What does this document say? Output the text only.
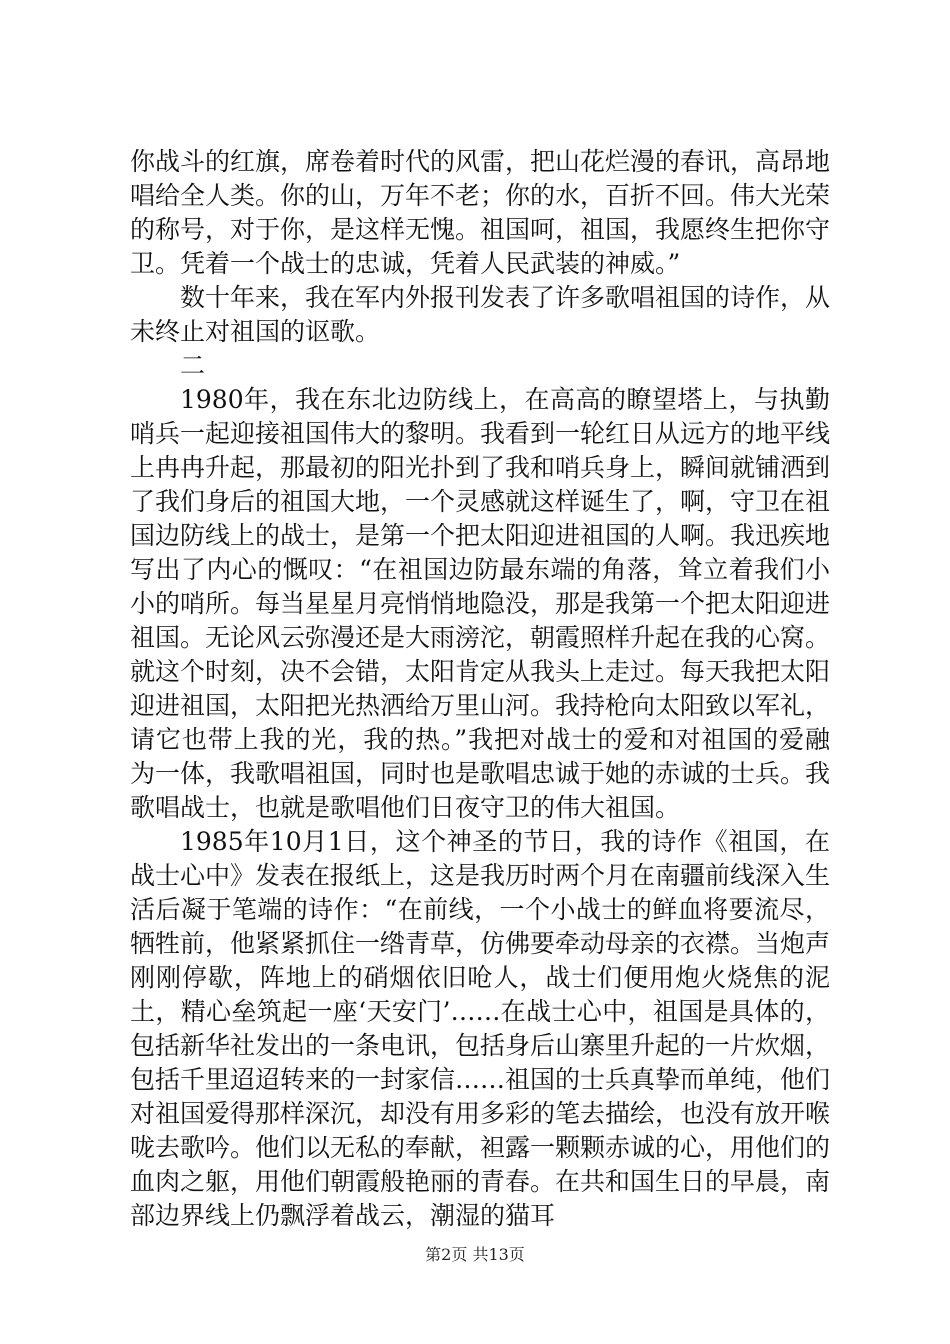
你战斗的红旗，席卷着时代的风雷，把山花烂漫的春讯，高昂地唱给全人类。你的山，万年不老；你的水，百折不回。伟大光荣的称号，对于你，是这样无愧。祖国呵，祖国，我愿终生把你守卫。凭着一个战士的忠诚，凭着人民武装的神威。”

数十年来，我在军内外报刊发表了许多歌唱祖国的诗作，从未终止对祖国的讴歌。

二

1980年，我在东北边防线上，在高高的瞭望塔上，与执勤哨兵一起迎接祖国伟大的黎明。我看到一轮红日从远方的地平线上冉冉升起，那最初的阳光扑到了我和哨兵身上，瞬间就铺洒到了我们身后的祖国大地，一个灵感就这样诞生了，啊，守卫在祖国边防线上的战士，是第一个把太阳迎进祖国的人啊。我迅疾地写出了内心的慨叹：“在祖国边防最东端的角落，耸立着我们小小的哨所。每当星星月亮悄悄地隐没，那是我第一个把太阳迎进祖国。无论风云弥漫还是大雨滂沱，朝霞照样升起在我的心窝。就这个时刻，决不会错，太阳肯定从我头上走过。每天我把太阳迎进祖国，太阳把光热洒给万里山河。我持枪向太阳致以军礼，请它也带上我的光，我的热。”我把对战士的爱和对祖国的爱融为一体，我歌唱祖国，同时也是歌唱忠诚于她的赤诚的士兵。我歌唱战士，也就是歌唱他们日夜守卫的伟大祖国。

1985年10月1日，这个神圣的节日，我的诗作《祖国，在战士心中》发表在报纸上，这是我历时两个月在南疆前线深入生活后凝于笔端的诗作：“在前线，一个小战士的鲜血将要流尽，牺牲前，他紧紧抓住一绺青草，仿佛要牵动母亲的衣襟。当炮声刚刚停歇，阵地上的硝烟依旧呛人，战士们便用炮火烧焦的泥土，精心垒筑起一座‘天安门’……在战士心中，祖国是具体的，包括新华社发出的一条电讯，包括身后山寨里升起的一片炊烟，包括千里迢迢转来的一封家信……祖国的士兵真挚而单纯，他们对祖国爱得那样深沉，却没有用多彩的笔去描绘，也没有放开喉咙去歌吟。他们以无私的奉献，袒露一颗颗赤诚的心，用他们的血肉之躯，用他们朝霞般艳丽的青春。在共和国生日的早晨，南部边界线上仍飘浮着战云，潮湿的猫耳

第2页 共13页
